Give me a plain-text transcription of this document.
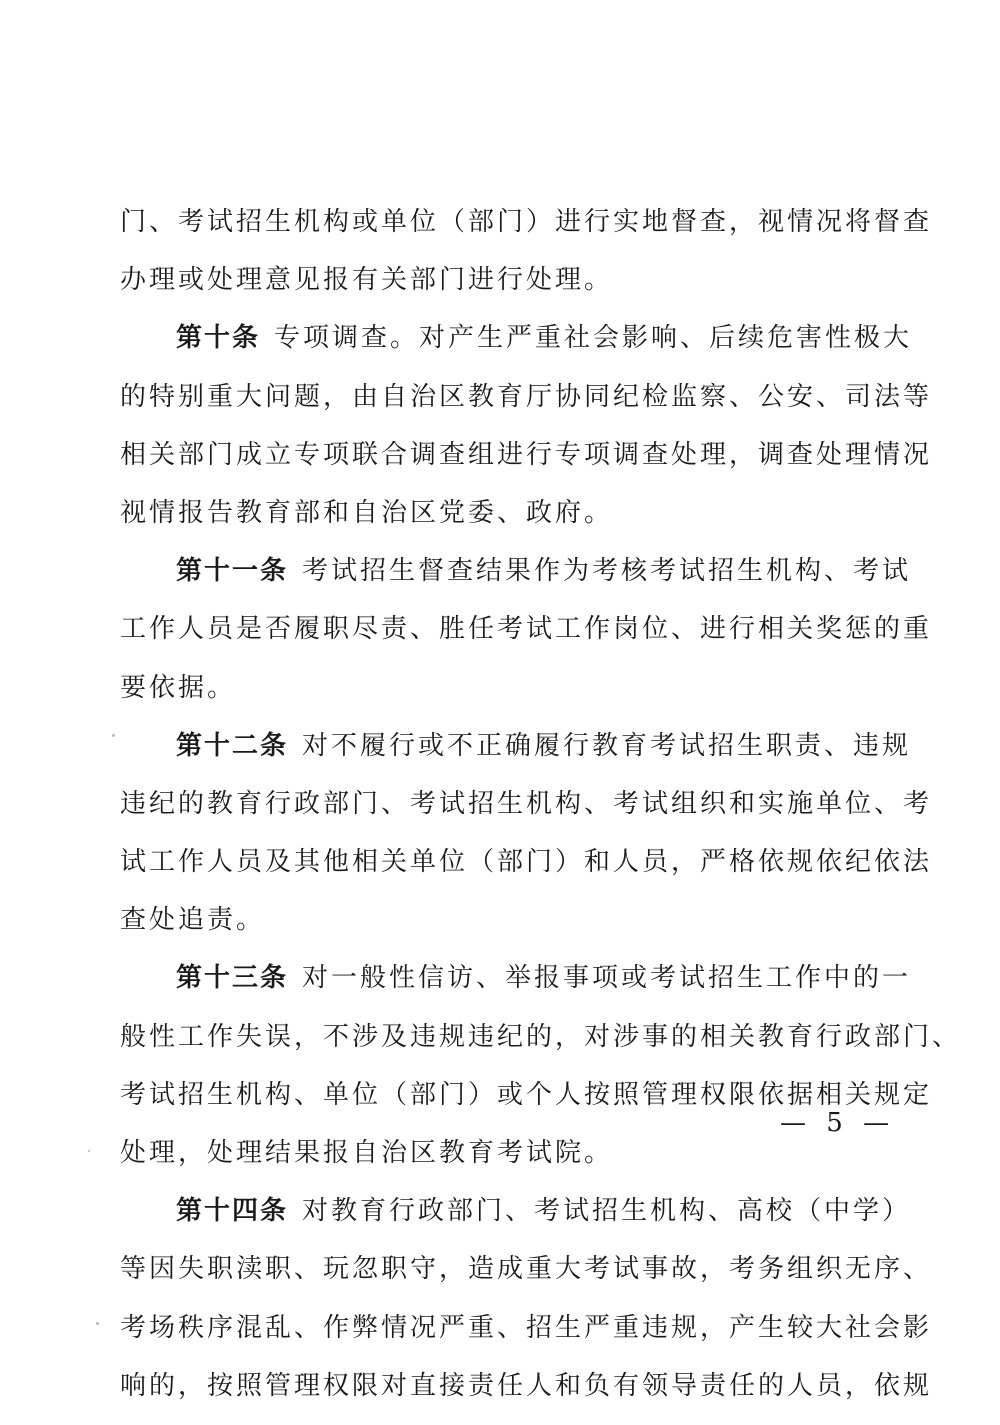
门、考试招生机构或单位（部门）进行实地督查，视情况将督查
办理或处理意见报有关部门进行处理。
第十条 专项调查。对产生严重社会影响、后续危害性极大
的特别重大问题，由自治区教育厅协同纪检监察、公安、司法等
相关部门成立专项联合调查组进行专项调查处理，调查处理情况
视情报告教育部和自治区党委、政府。
第十一条 考试招生督查结果作为考核考试招生机构、考试
工作人员是否履职尽责、胜任考试工作岗位、进行相关奖惩的重
要依据。
第十二条 对不履行或不正确履行教育考试招生职责、违规
违纪的教育行政部门、考试招生机构、考试组织和实施单位、考
试工作人员及其他相关单位（部门）和人员，严格依规依纪依法
查处追责。
第十三条 对一般性信访、举报事项或考试招生工作中的一
般性工作失误，不涉及违规违纪的，对涉事的相关教育行政部门、
考试招生机构、单位（部门）或个人按照管理权限依据相关规定
处理，处理结果报自治区教育考试院。
第十四条 对教育行政部门、考试招生机构、高校（中学）
等因失职渎职、玩忽职守，造成重大考试事故，考务组织无序、
考场秩序混乱、作弊情况严重、招生严重违规，产生较大社会影
响的，按照管理权限对直接责任人和负有领导责任的人员，依规
— 5 —
